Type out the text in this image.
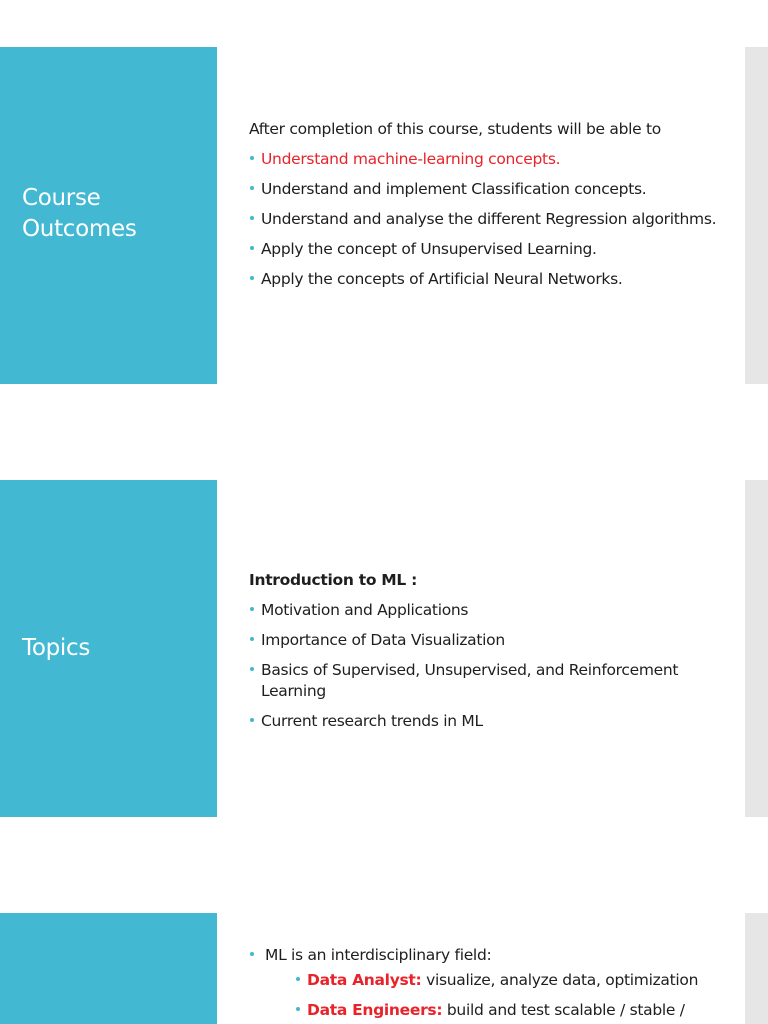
Course
Outcomes
After completion of this course, students will be able to
Understand machine-learning concepts.
Understand and implement Classification concepts.
Understand and analyse the different Regression algorithms.
Apply the concept of Unsupervised Learning.
Apply the concepts of Artificial Neural Networks.
Topics
Introduction to ML :
Motivation and Applications
Importance of Data Visualization
Basics of Supervised, Unsupervised, and Reinforcement Learning
Current research trends in ML
ML is an interdisciplinary field:
Data Analyst: visualize, analyze data, optimization
Data Engineers: build and test scalable / stable /
